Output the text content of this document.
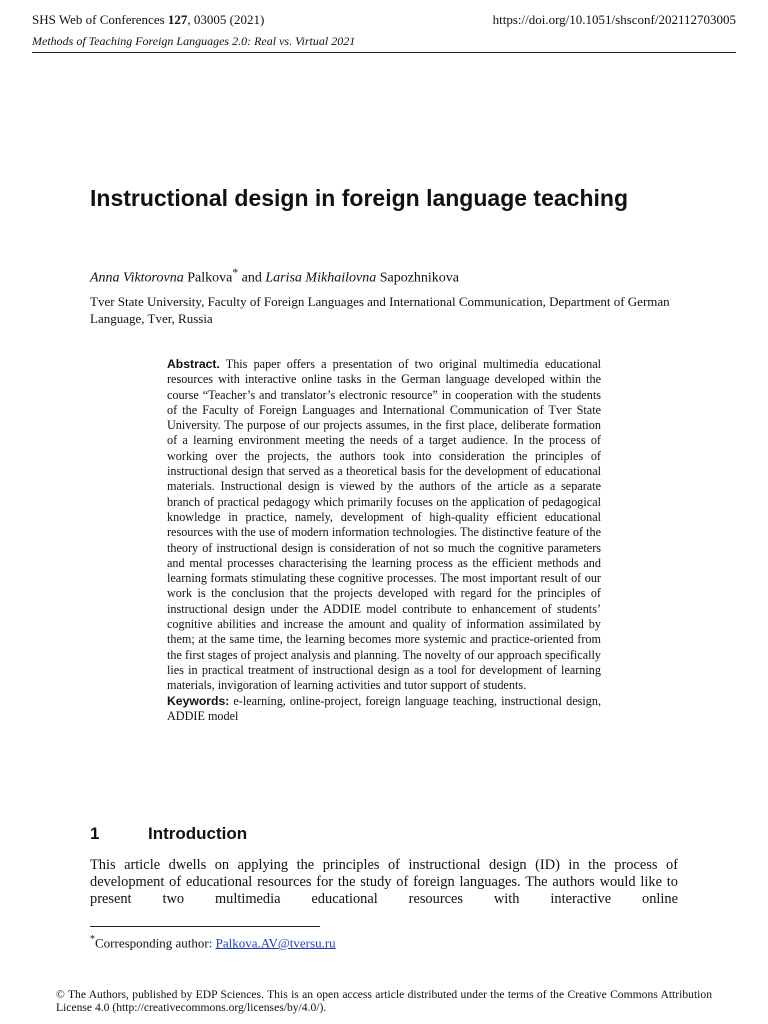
SHS Web of Conferences 127, 03005 (2021)	https://doi.org/10.1051/shsconf/202112703005
Methods of Teaching Foreign Languages 2.0: Real vs. Virtual 2021
Instructional design in foreign language teaching
Anna Viktorovna Palkova* and Larisa Mikhailovna Sapozhnikova
Tver State University, Faculty of Foreign Languages and International Communication, Department of German Language, Tver, Russia
Abstract. This paper offers a presentation of two original multimedia educational resources with interactive online tasks in the German language developed within the course “Teacher’s and translator’s electronic resource” in cooperation with the students of the Faculty of Foreign Languages and International Communication of Tver State University. The purpose of our projects assumes, in the first place, deliberate formation of a learning environment meeting the needs of a target audience. In the process of working over the projects, the authors took into consideration the principles of instructional design that served as a theoretical basis for the development of educational materials. Instructional design is viewed by the authors of the article as a separate branch of practical pedagogy which primarily focuses on the application of pedagogical knowledge in practice, namely, development of high-quality efficient educational resources with the use of modern information technologies. The distinctive feature of the theory of instructional design is consideration of not so much the cognitive parameters and mental processes characterising the learning process as the efficient methods and learning formats stimulating these cognitive processes. The most important result of our work is the conclusion that the projects developed with regard for the principles of instructional design under the ADDIE model contribute to enhancement of students’ cognitive abilities and increase the amount and quality of information assimilated by them; at the same time, the learning becomes more systemic and practice-oriented from the first stages of project analysis and planning. The novelty of our approach specifically lies in practical treatment of instructional design as a tool for development of learning materials, invigoration of learning activities and tutor support of students.
Keywords: e-learning, online-project, foreign language teaching, instructional design, ADDIE model
1	Introduction
This article dwells on applying the principles of instructional design (ID) in the process of development of educational resources for the study of foreign languages. The authors would like to present two multimedia educational resources with interactive online
*Corresponding author: Palkova.AV@tversu.ru
© The Authors, published by EDP Sciences. This is an open access article distributed under the terms of the Creative Commons Attribution License 4.0 (http://creativecommons.org/licenses/by/4.0/).
